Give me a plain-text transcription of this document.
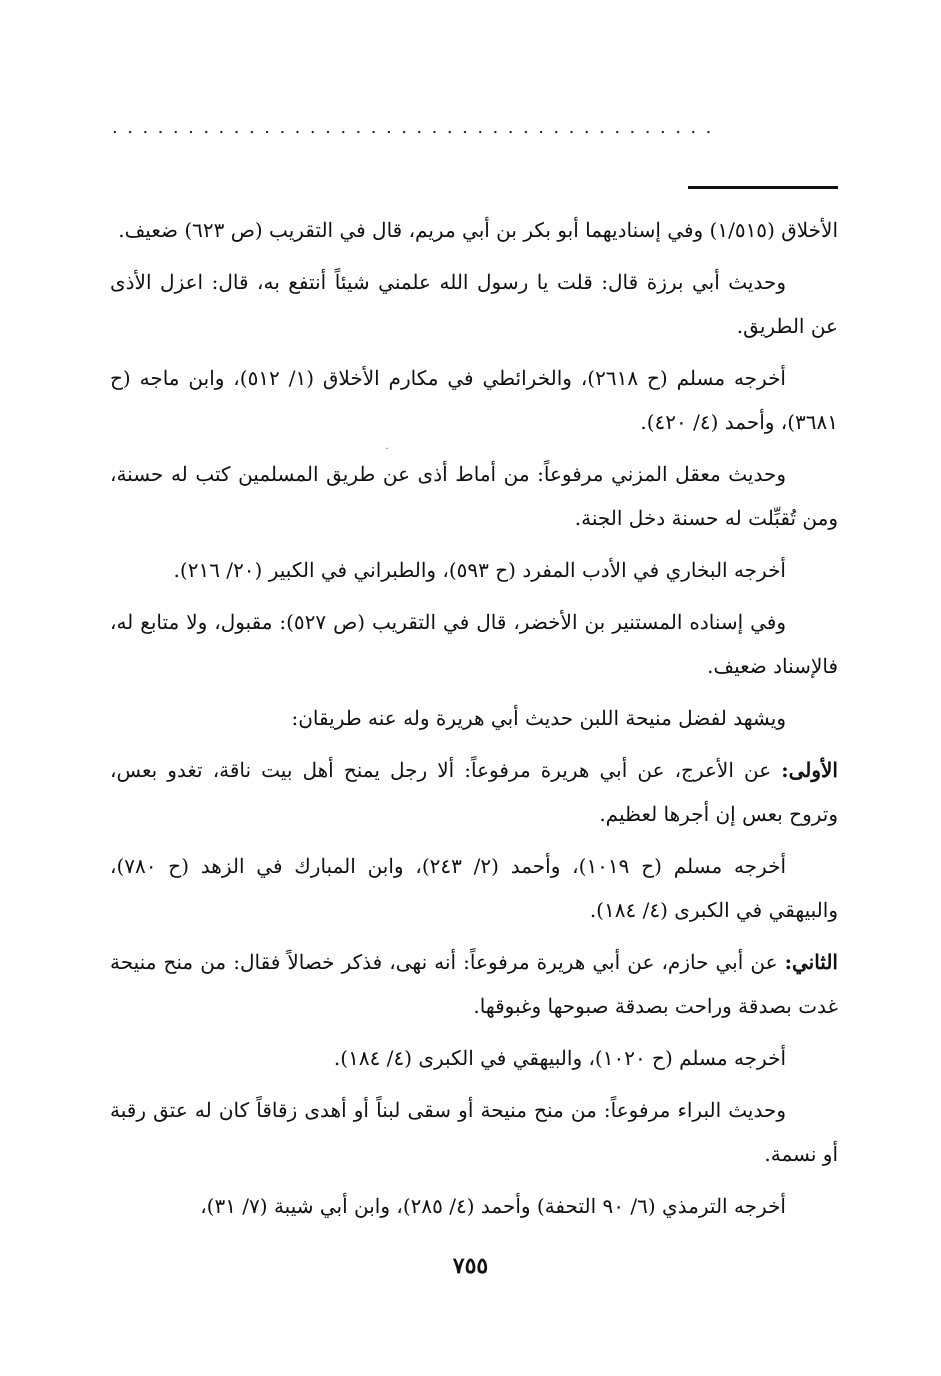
........................................

الأخلاق (١/٥١٥) وفي إسناديهما أبو بكر بن أبي مريم، قال في التقريب (ص ٦٢٣) ضعيف.

وحديث أبي برزة قال: قلت يا رسول الله علمني شيئاً أنتفع به، قال: اعزل الأذى عن الطريق.

أخرجه مسلم (ح ٢٦١٨)، والخرائطي في مكارم الأخلاق (١/ ٥١٢)، وابن ماجه (ح ٣٦٨١)، وأحمد (٤/ ٤٢٠).

وحديث معقل المزني مرفوعاً: من أماط أذى عن طريق المسلمين كتب له حسنة، ومن تُقبِّلت له حسنة دخل الجنة.

أخرجه البخاري في الأدب المفرد (ح ٥٩٣)، والطبراني في الكبير (٢٠/ ٢١٦).

وفي إسناده المستنير بن الأخضر، قال في التقريب (ص ٥٢٧): مقبول، ولا متابع له، فالإسناد ضعيف.

ويشهد لفضل منيحة اللبن حديث أبي هريرة وله عنه طريقان:

الأولى: عن الأعرج، عن أبي هريرة مرفوعاً: ألا رجل يمنح أهل بيت ناقة، تغدو بعس، وتروح بعس إن أجرها لعظيم.

أخرجه مسلم (ح ١٠١٩)، وأحمد (٢/ ٢٤٣)، وابن المبارك في الزهد (ح ٧٨٠)، والبيهقي في الكبرى (٤/ ١٨٤).

الثاني: عن أبي حازم، عن أبي هريرة مرفوعاً: أنه نهى، فذكر خصالاً فقال: من منح منيحة غدت بصدقة وراحت بصدقة صبوحها وغبوقها.

أخرجه مسلم (ح ١٠٢٠)، والبيهقي في الكبرى (٤/ ١٨٤).

وحديث البراء مرفوعاً: من منح منيحة أو سقى لبناً أو أهدى زقاقاً كان له عتق رقبة أو نسمة.

أخرجه الترمذي (٦/ ٩٠ التحفة) وأحمد (٤/ ٢٨٥)، وابن أبي شيبة (٧/ ٣١)،

˙
٧٥٥
